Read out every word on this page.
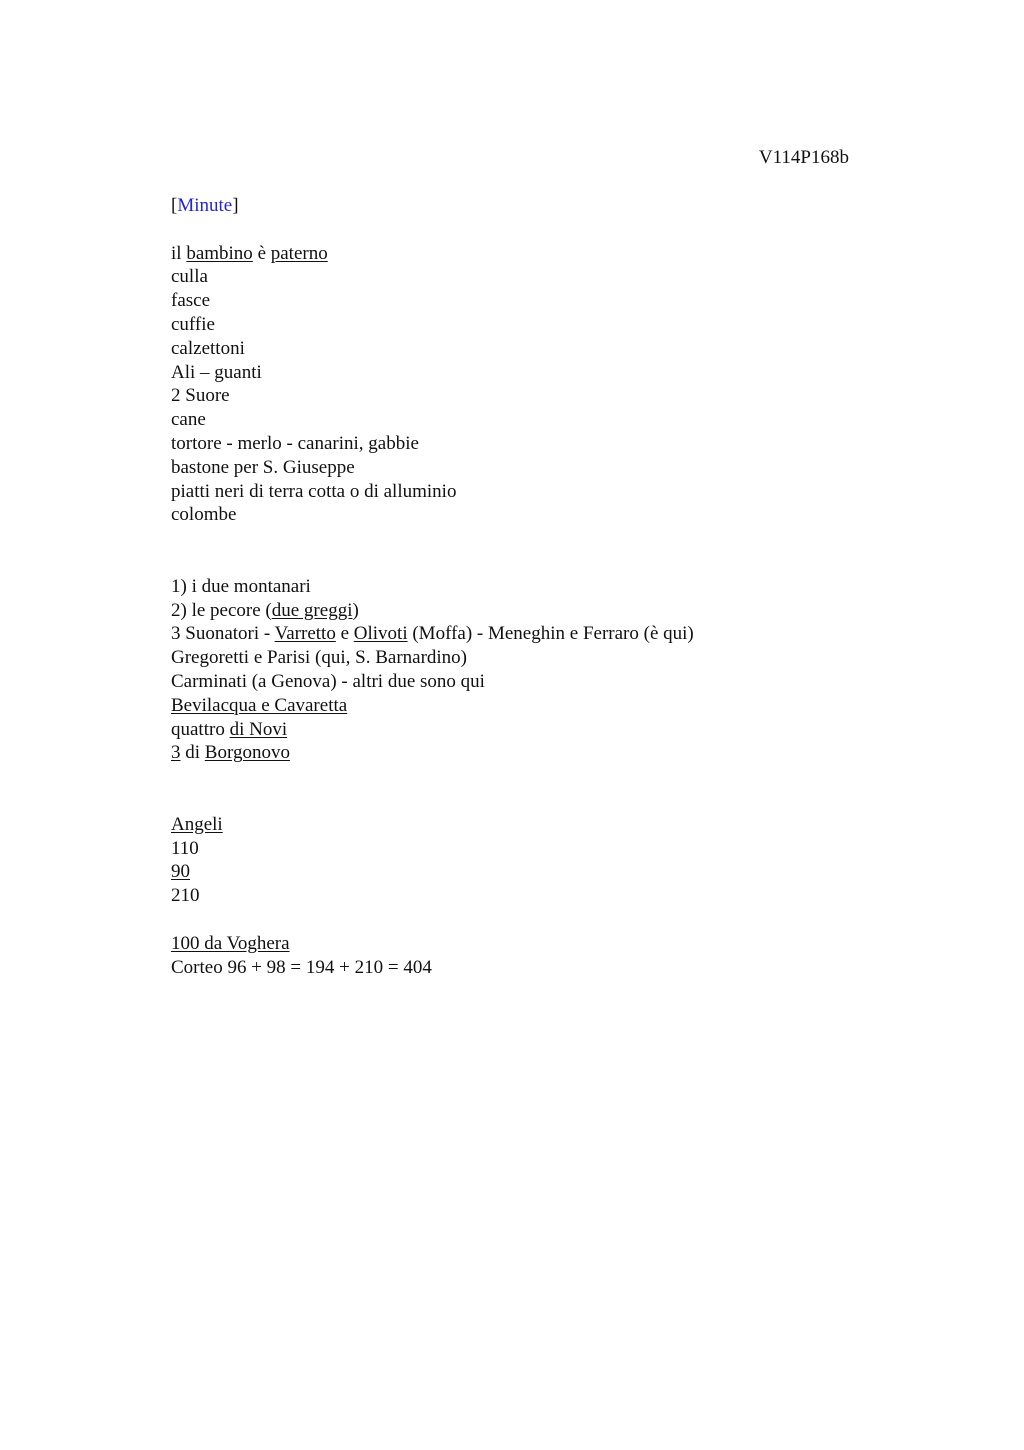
V114P168b
[Minute]
il bambino è paterno
culla
fasce
cuffie
calzettoni
Ali – guanti
2 Suore
cane
tortore - merlo - canarini, gabbie
bastone per S. Giuseppe
piatti neri di terra cotta o di alluminio
colombe
1) i due montanari
2) le pecore (due greggi)
3 Suonatori - Varretto e Olivoti (Moffa) - Meneghin e Ferraro (è qui)
Gregoretti e Parisi (qui, S. Barnardino)
Carminati (a Genova) - altri due sono qui
Bevilacqua e Cavaretta
quattro di Novi
3 di Borgonovo
Angeli
110
90
210
100 da Voghera
Corteo 96 + 98 = 194 + 210 = 404
